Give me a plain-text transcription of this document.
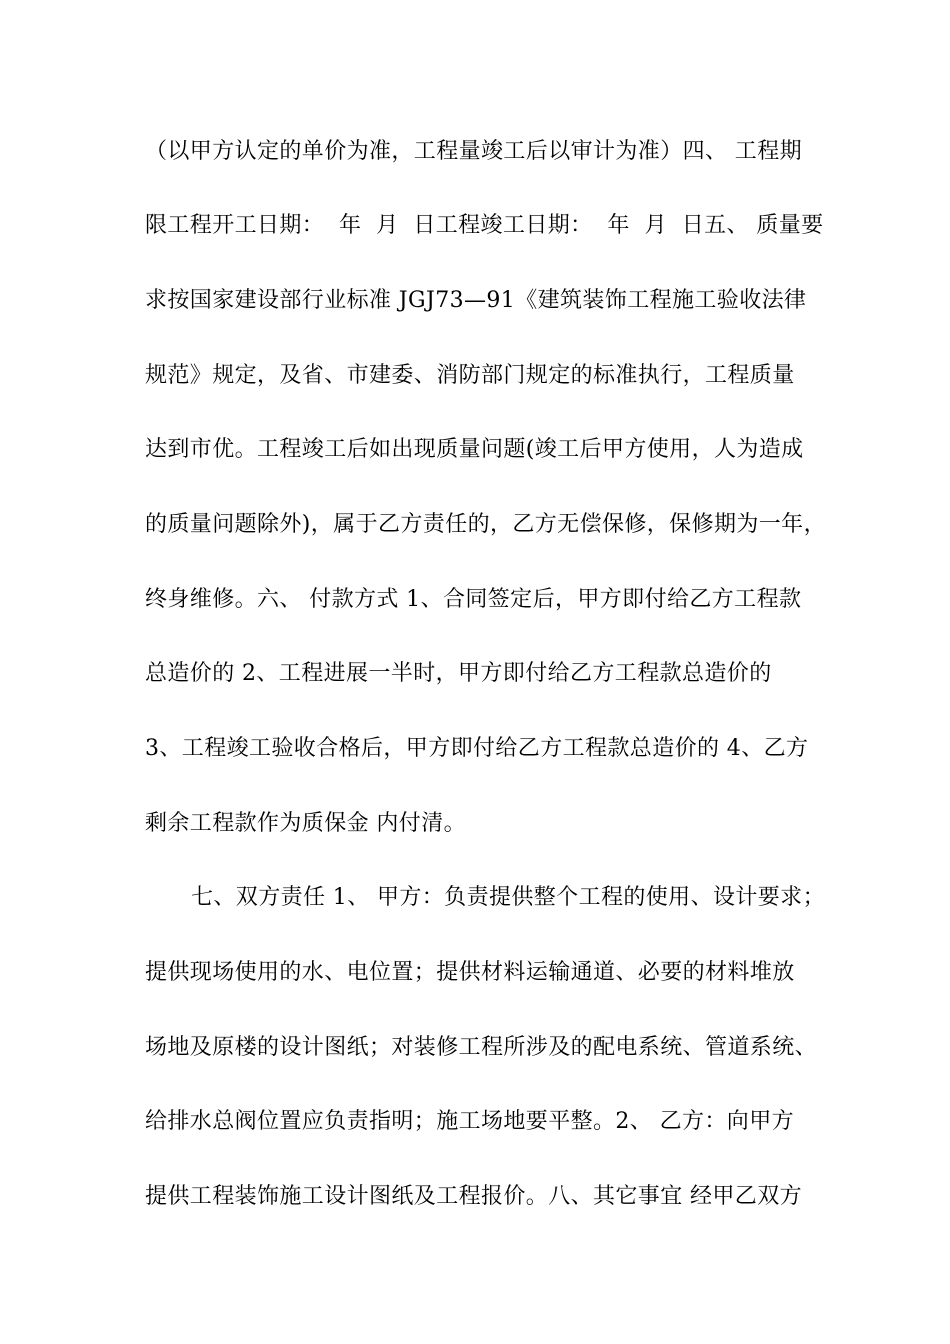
（以甲方认定的单价为准，工程量竣工后以审计为准）四、 工程期
限工程开工日期：  年  月  日工程竣工日期：  年  月  日五、 质量要
求按国家建设部行业标准 JGJ73—91《建筑装饰工程施工验收法律
规范》规定，及省、市建委、消防部门规定的标准执行，工程质量
达到市优。工程竣工后如出现质量问题(竣工后甲方使用，人为造成
的质量问题除外)，属于乙方责任的，乙方无偿保修，保修期为一年，
终身维修。六、 付款方式 1、合同签定后，甲方即付给乙方工程款
总造价的 2、工程进展一半时，甲方即付给乙方工程款总造价的
3、工程竣工验收合格后，甲方即付给乙方工程款总造价的 4、乙方
剩余工程款作为质保金 内付清。
七、双方责任 1、 甲方：负责提供整个工程的使用、设计要求；
提供现场使用的水、电位置；提供材料运输通道、必要的材料堆放
场地及原楼的设计图纸；对装修工程所涉及的配电系统、管道系统、
给排水总阀位置应负责指明；施工场地要平整。2、 乙方：向甲方
提供工程装饰施工设计图纸及工程报价。八、其它事宜 经甲乙双方
